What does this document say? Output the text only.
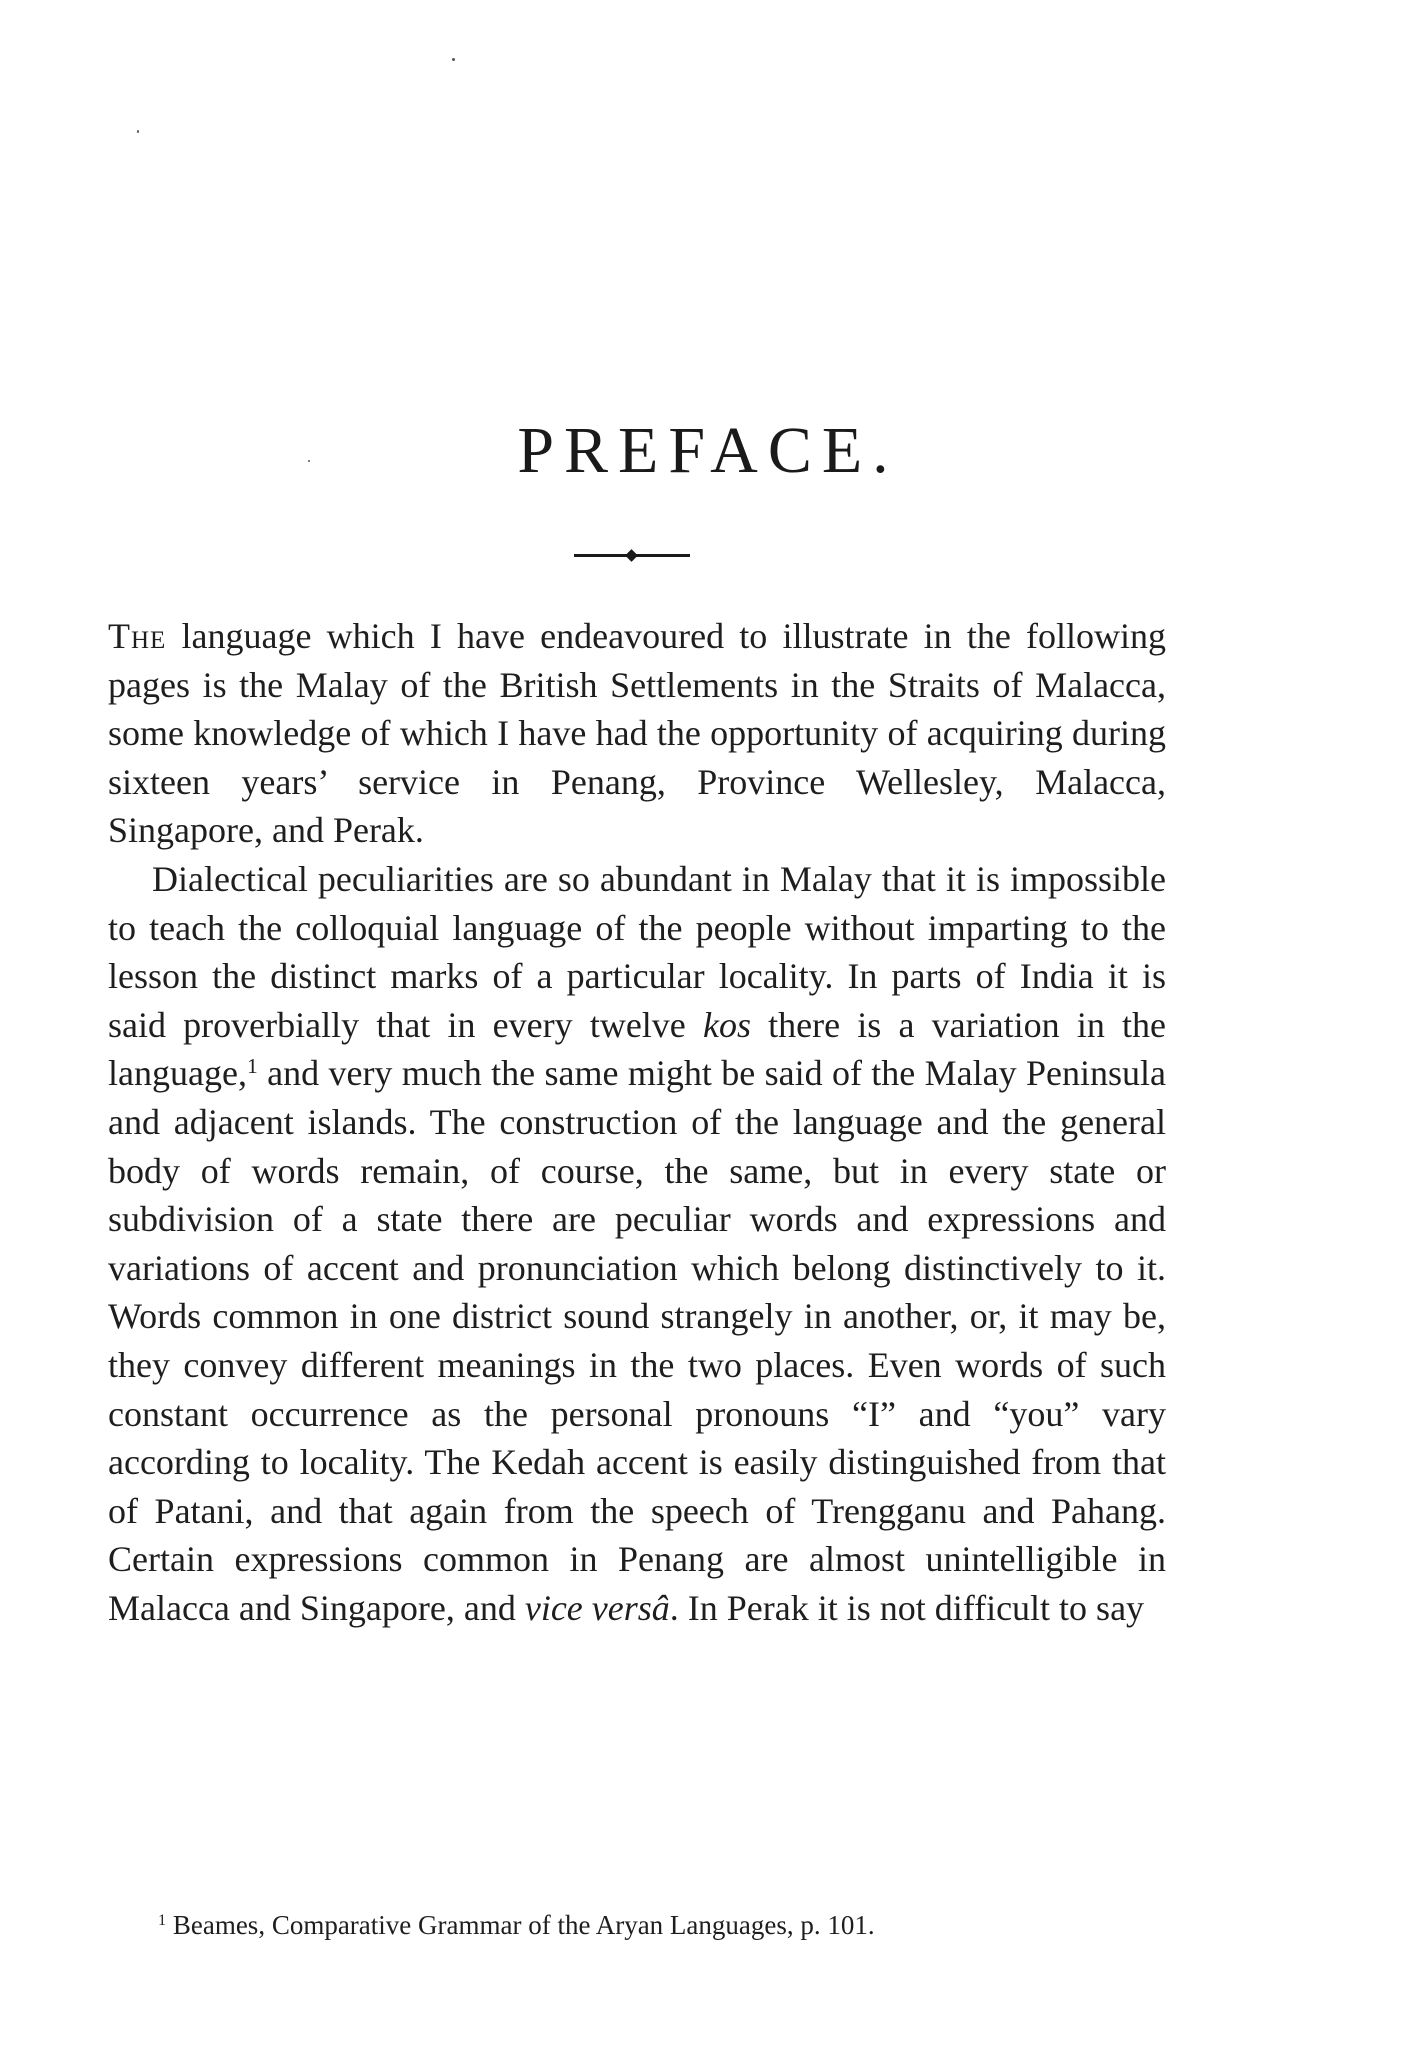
PREFACE.

The language which I have endeavoured to illustrate in the following pages is the Malay of the British Settlements in the Straits of Malacca, some knowledge of which I have had the opportunity of acquiring during sixteen years’ service in Penang, Province Wellesley, Malacca, Singapore, and Perak.

Dialectical peculiarities are so abundant in Malay that it is impossible to teach the colloquial language of the people without imparting to the lesson the distinct marks of a particular locality. In parts of India it is said proverbially that in every twelve kos there is a variation in the language,$^1$ and very much the same might be said of the Malay Peninsula and adjacent islands. The construction of the language and the general body of words remain, of course, the same, but in every state or subdivision of a state there are peculiar words and expressions and variations of accent and pronunciation which belong distinctively to it. Words common in one district sound strangely in another, or, it may be, they convey different meanings in the two places. Even words of such constant occurrence as the personal pronouns “I” and “you” vary according to locality. The Kedah accent is easily distinguished from that of Patani, and that again from the speech of Trengganu and Pahang. Certain expressions common in Penang are almost unintelligible in Malacca and Singapore, and vice versâ. In Perak it is not difficult to say

$^1$ Beames, Comparative Grammar of the Aryan Languages, p. 101.
